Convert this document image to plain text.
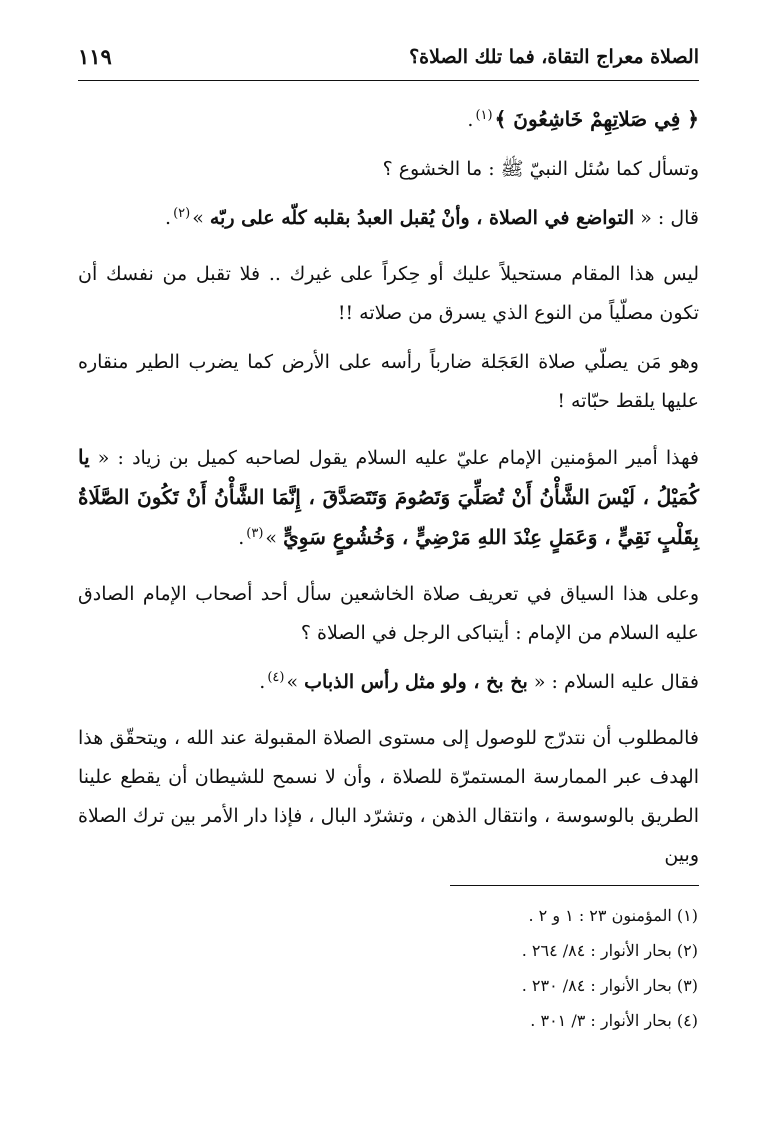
الصلاة معراج التقاة، فما تلك الصلاة؟
١١٩

﴿ فِي صَلاتِهِمْ خَاشِعُونَ ﴾$^{(١)}$.

وتسأل كما سُئل النبيّ ﷺ : ما الخشوع ؟

قال : « التواضع في الصلاة ، وأنْ يُقبل العبدُ بقلبه كلّه على ربّه »$^{(٢)}$.

ليس هذا المقام مستحيلاً عليك أو حِكراً على غيرك .. فلا تقبل من نفسك أن تكون مصلّياً من النوع الذي يسرق من صلاته !!

وهو مَن يصلّي صلاة العَجَلة ضارباً رأسه على الأرض كما يضرب الطير منقاره عليها يلقط حبّاته !

فهذا أمير المؤمنين الإمام عليّ عليه السلام يقول لصاحبه كميل بن زياد : « يا كُمَيْلُ ، لَيْسَ الشَّأْنُ أَنْ تُصَلِّيَ وَتَصُومَ وَتَتَصَدَّقَ ، إِنَّمَا الشَّأْنُ أَنْ تَكُونَ الصَّلَاةُ بِقَلْبٍ نَقِيٍّ ، وَعَمَلٍ عِنْدَ اللهِ مَرْضِيٍّ ، وَخُشُوعٍ سَوِيٍّ »$^{(٣)}$.

وعلى هذا السياق في تعريف صلاة الخاشعين سأل أحد أصحاب الإمام الصادق عليه السلام من الإمام : أيتباكى الرجل في الصلاة ؟

فقال عليه السلام : « بخ بخ ، ولو مثل رأس الذباب »$^{(٤)}$.

فالمطلوب أن نتدرّج للوصول إلى مستوى الصلاة المقبولة عند الله ، ويتحقّق هذا الهدف عبر الممارسة المستمرّة للصلاة ، وأن لا نسمح للشيطان أن يقطع علينا الطريق بالوسوسة ، وانتقال الذهن ، وتشرّد البال ، فإذا دار الأمر بين ترك الصلاة وبين

(١) المؤمنون ٢٣ : ١ و ٢ .
(٢) بحار الأنوار : ٨٤/ ٢٦٤ .
(٣) بحار الأنوار : ٨٤/ ٢٣٠ .
(٤) بحار الأنوار : ٣/ ٣٠١ .
